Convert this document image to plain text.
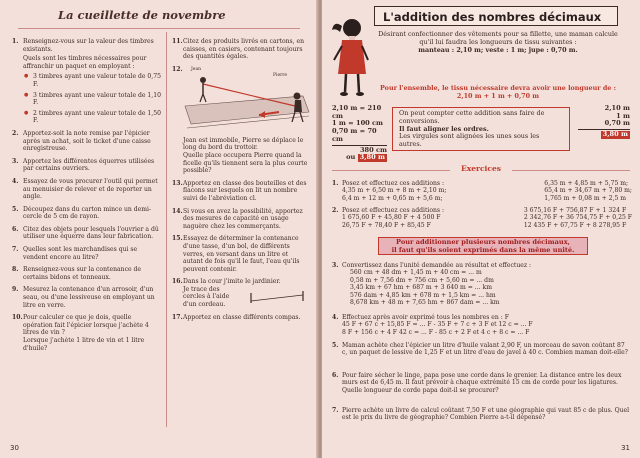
La cueillette de novembre
1. Renseignez-vous sur la valeur des timbres existants.
Quels sont les timbres nécessaires pour affranchir un paquet en employant :
● 3 timbres ayant une valeur totale de 0,75 F.
● 3 timbres ayant une valeur totale de 1,10 F.
● 2 timbres ayant une valeur totale de 1,50 F.
2. Apportez-soit la note remise par l'épicier après un achat, soit le ticket d'une caisse enregistreuse.
3. Apportez les différentes équerres utilisées par certains ouvriers.
4. Essayez de vous procurer l'outil qui permet au menuisier de relever et de reporter un angle.
5. Découpez dans du carton mince un demi-cercle de 5 cm de rayon.
6. Citez des objets pour lesquels l'ouvrier a dû utiliser une équerre dans leur fabrication.
7. Quelles sont les marchandises qui se vendent encore au litre?
8. Renseignez-vous sur la contenance de certains bidons et tonneaux.
9. Mesurez la contenance d'un arrosoir, d'un seau, ou d'une lessiveuse en employant un litre en verre.
10. Pour calculer ce que je dois, quelle opération fait l'épicier lorsque j'achète 4 litres de vin ?
Lorsque j'achète 1 litre de vin et 1 litre d'huile?
11. Citez des produits livrés en cartons, en caisses, en casiers, contenant toujours des quantités égales.
12. Jean
Pierre
Jean est immobile, Pierre se déplace le long du bord du trottoir.
Quelle place occupera Pierre quand la ficelle qu'ils tiennent sera la plus courte possible?
13. Apportez en classe des bouteilles et des flacons sur lesquels on lit un nombre suivi de l'abréviation cl.
14. Si vous en avez la possibilité, apportez des mesures de capacité en usage naguère chez les commerçants.
15. Essayez de déterminer la contenance d'une tasse, d'un bol, de différents verres, en versant dans un litre et autant de fois qu'il le faut, l'eau qu'ils peuvent contenir.
16. Dans la cour j'imite le jardinier.
Je trace des cercles à l'aide d'un cordeau.
17. Apportez en classe différents compas.
30
L'addition des nombres décimaux
Désirant confectionner des vêtements pour sa fillette, une maman calcule qu'il lui faudra les longueurs de tissu suivantes :
manteau : 2,10 m; veste : 1 m; jupe : 0,70 m.
Pour l'ensemble, le tissu nécessaire devra avoir une longueur de : 2,10 m + 1 m + 0,70 m
2,10 m = 210 cm
1 m = 100 cm
0,70 m = 70 cm
380 cm
ou 3,80 m
On peut compter cette addition sans faire de conversions.
Il faut aligner les ordres.
Les virgules sont alignées les unes sous les autres.
2,10 m
1 m
0,70 m
3,80 m
Exercices
1. Posez et effectuez ces additions :
4,35 m + 6,50 m + 8 m + 2,10 m;
6,4 m + 12 m + 0,65 m + 5,6 m;
6,35 m + 4,85 m + 5,75 m;
65,4 m + 34,67 m + 7,80 m;
1,765 m + 0,08 m + 2,5 m
2. Posez et effectuez ces additions :
1 675,60 F + 45,80 F + 4 500 F
26,75 F + 78,40 F + 85,45 F
3 675,16 F + 756,87 F + 1 324 F
2 342,76 F + 36 754,75 F + 0,25 F
12 435 F + 67,75 F + 8 278,95 F
Pour additionner plusieurs nombres décimaux,
il faut qu'ils soient exprimés dans la même unité.
3. Convertissez dans l'unité demandée au résultat et effectuez :
560 cm + 48 dm + 1,45 m + 40 cm = ... m
0,58 m + 7,56 dm + 756 cm + 5,60 m = ... dm
3,45 km + 67 hm + 687 m + 3 640 m = ... km
576 dam + 4,85 km + 678 m + 1,5 km = ... hm
8,678 km + 48 m + 7,65 hm + 867 dam = ... km
4. Effectuez après avoir exprimé tous les nombres en : F
45 F + 67 c + 15,85 F = ... F - 35 F + 7 c + 3 F et 12 c = ... F
8 F + 156 c + 4 F 42 c = ... F - 85 c + 2 F et 4 c + 8 c = ... F
5. Maman achète chez l'épicier un litre d'huile valant 2,90 F, un morceau de savon coûtant 87 c, un paquet de lessive de 1,25 F et un litre d'eau de javel à 40 c. Combien maman doit-elle?
6. Pour faire sécher le linge, papa pose une corde dans le grenier. La distance entre les deux murs est de 6,45 m. Il faut prévoir à chaque extrémité 15 cm de corde pour les ligatures. Quelle longueur de corde papa doit-il se procurer?
7. Pierre achète un livre de calcul coûtant 7,50 F et une géographie qui vaut 85 c de plus. Quel est le prix du livre de géographie? Combien Pierre a-t-il dépensé?
31
